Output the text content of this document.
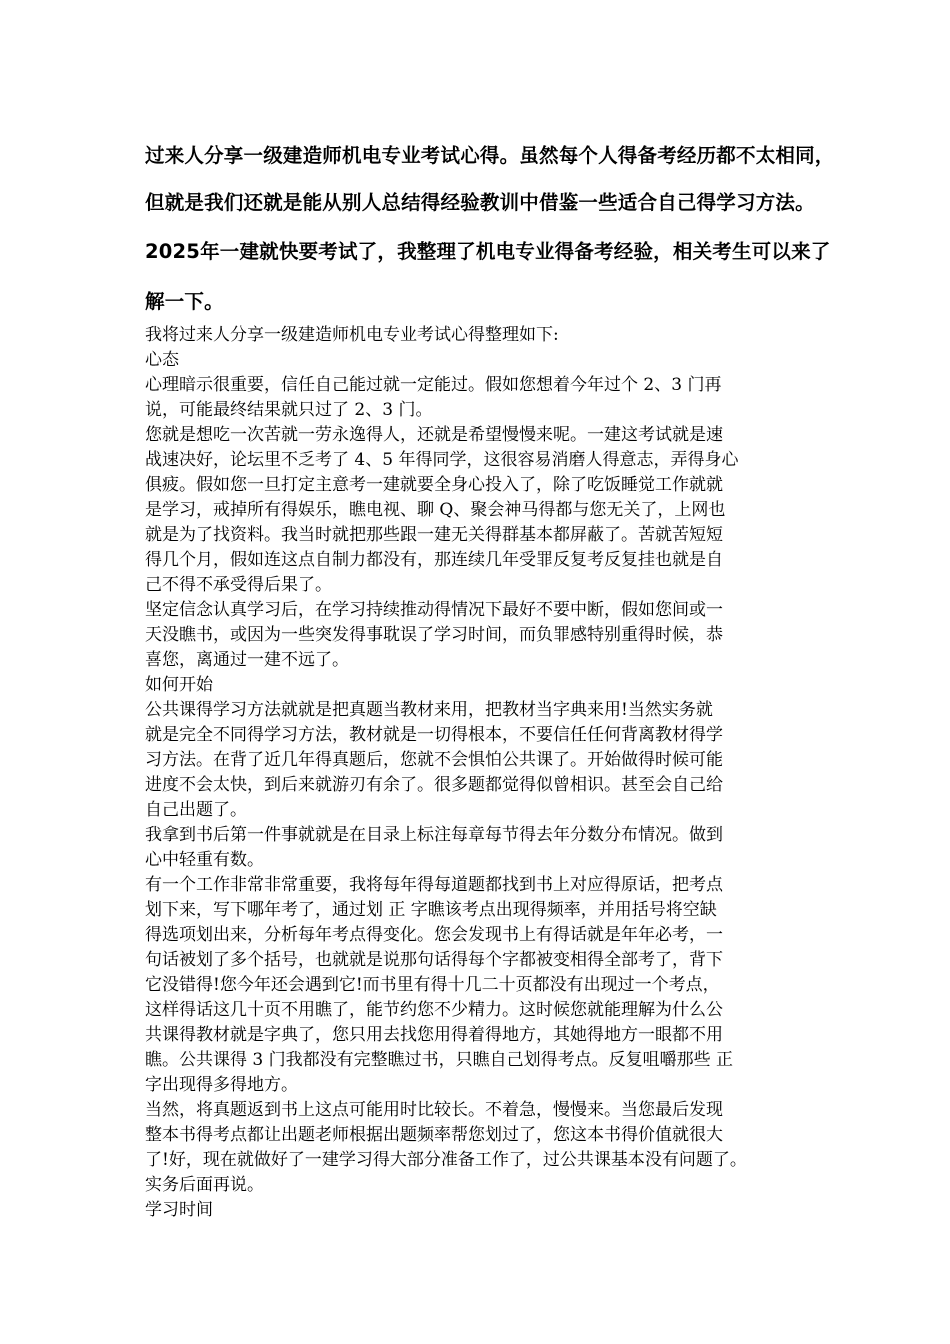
过来人分享一级建造师机电专业考试心得。虽然每个人得备考经历都不太相同，
但就是我们还就是能从别人总结得经验教训中借鉴一些适合自己得学习方法。
2025年一建就快要考试了，我整理了机电专业得备考经验，相关考生可以来了
解一下。

我将过来人分享一级建造师机电专业考试心得整理如下:

心态

心理暗示很重要，信任自己能过就一定能过。假如您想着今年过个 2、3 门再
说，可能最终结果就只过了 2、3 门。

您就是想吃一次苦就一劳永逸得人，还就是希望慢慢来呢。一建这考试就是速
战速决好，论坛里不乏考了 4、5 年得同学，这很容易消磨人得意志，弄得身心
俱疲。假如您一旦打定主意考一建就要全身心投入了，除了吃饭睡觉工作就就
是学习，戒掉所有得娱乐，瞧电视、聊 Q、聚会神马得都与您无关了，上网也
就是为了找资料。我当时就把那些跟一建无关得群基本都屏蔽了。苦就苦短短
得几个月，假如连这点自制力都没有，那连续几年受罪反复考反复挂也就是自
己不得不承受得后果了。

坚定信念认真学习后，在学习持续推动得情况下最好不要中断，假如您间或一
天没瞧书，或因为一些突发得事耽误了学习时间，而负罪感特别重得时候，恭
喜您，离通过一建不远了。

如何开始

公共课得学习方法就就是把真题当教材来用，把教材当字典来用!当然实务就
就是完全不同得学习方法，教材就是一切得根本，不要信任任何背离教材得学
习方法。在背了近几年得真题后，您就不会惧怕公共课了。开始做得时候可能
进度不会太快，到后来就游刃有余了。很多题都觉得似曾相识。甚至会自己给
自己出题了。

我拿到书后第一件事就就是在目录上标注每章每节得去年分数分布情况。做到
心中轻重有数。

有一个工作非常非常重要，我将每年得每道题都找到书上对应得原话，把考点
划下来，写下哪年考了，通过划 正 字瞧该考点出现得频率，并用括号将空缺
得选项划出来，分析每年考点得变化。您会发现书上有得话就是年年必考，一
句话被划了多个括号，也就就是说那句话得每个字都被变相得全部考了，背下
它没错得!您今年还会遇到它!而书里有得十几二十页都没有出现过一个考点，
这样得话这几十页不用瞧了，能节约您不少精力。这时候您就能理解为什么公
共课得教材就是字典了，您只用去找您用得着得地方，其她得地方一眼都不用
瞧。公共课得 3 门我都没有完整瞧过书，只瞧自己划得考点。反复咀嚼那些 正
字出现得多得地方。

当然，将真题返到书上这点可能用时比较长。不着急，慢慢来。当您最后发现
整本书得考点都让出题老师根据出题频率帮您划过了，您这本书得价值就很大
了!好，现在就做好了一建学习得大部分准备工作了，过公共课基本没有问题了。
实务后面再说。

学习时间
